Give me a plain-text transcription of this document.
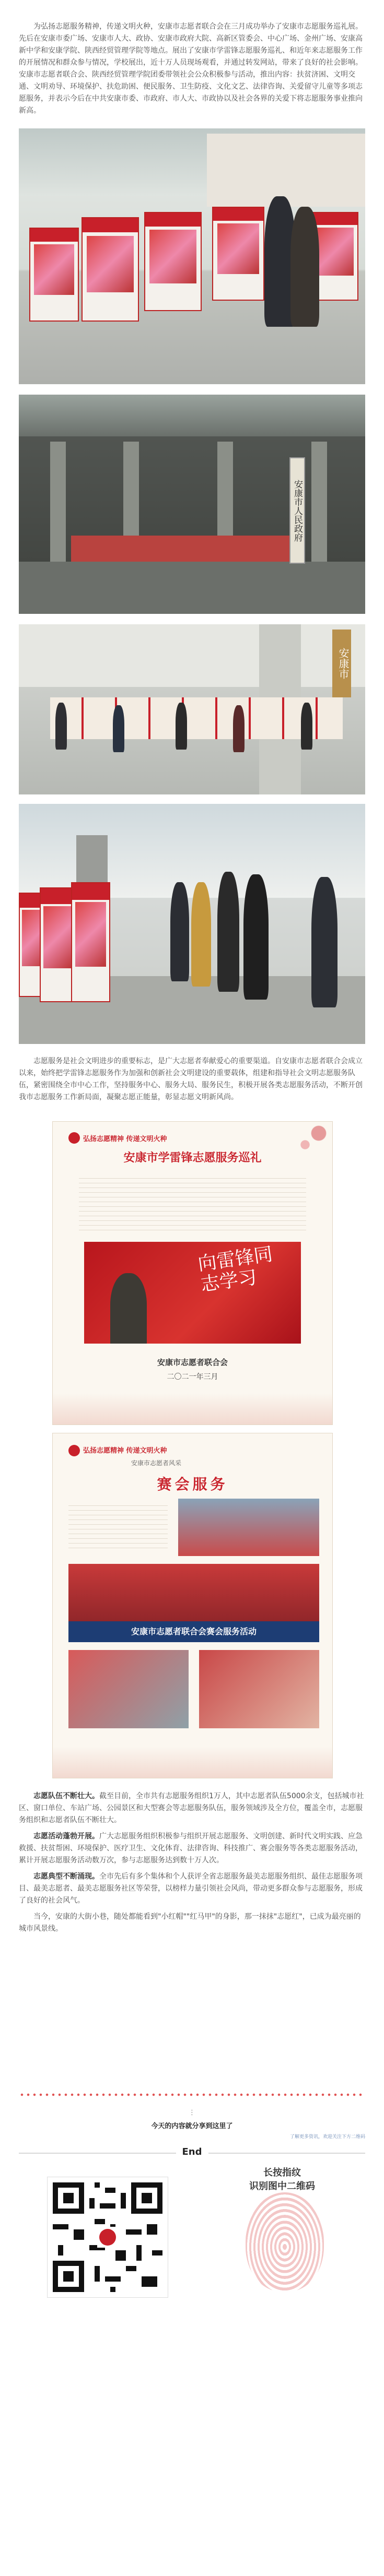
为弘扬志愿服务精神，传递文明火种，安康市志愿者联合会在三月成功举办了安康市志愿服务巡礼展。先后在安康市委广场、安康市人大、政协、安康市政府大院、高新区管委会、中心广场、金州广场、安康高新中学和安康学院、陕西经贸管理学院等地点。展出了安康市学雷锋志愿服务巡礼、和近年来志愿服务工作的开展情况和群众参与情况，学校展出，近十万人员现场观看，并通过转发网站，带来了良好的社会影响。安康市志愿者联合会、陕西经贸管理学院团委带领社会公众积极参与活动，推出内容：扶贫济困、文明交通、文明劝导、环境保护、扶危助困、便民服务、卫生防疫、文化文艺、法律咨询、关爱留守儿童等多项志愿服务，并表示今后在中共安康市委、市政府、市人大、市政协以及社会各界的关爱下将志愿服务事业推向新高。

安康市人民政府
安康市

志愿服务是社会文明进步的重要标志，是广大志愿者奉献爱心的重要渠道。自安康市志愿者联合会成立以来，始终把学雷锋志愿服务作为加强和创新社会文明建设的重要载体，组建和指导社会文明志愿服务队伍，紧密围绕全市中心工作，坚持服务中心、服务大局、服务民生，积极开展各类志愿服务活动，不断开创我市志愿服务工作新局面，凝聚志愿正能量，彰显志愿文明新风尚。

弘扬志愿精神 传递文明火种
安康市学雷锋志愿服务巡礼
向雷锋同志学习
安康市志愿者联合会
二〇二一年三月
弘扬志愿精神 传递文明火种
安康市志愿者风采
赛会服务
安康市志愿者联合会赛会服务活动

志愿队伍不断壮大。截至目前，全市共有志愿服务组织1万人，其中志愿者队伍5000余支，包括城市社区、窗口单位、车站广场、公园景区和大型赛会等志愿服务队伍，服务领域涉及全方位，覆盖全市，志愿服务组织和志愿者队伍不断壮大。

志愿活动蓬勃开展。广大志愿服务组织积极参与组织开展志愿服务、文明创建、新时代文明实践、应急救援、扶贫帮困、环境保护、医疗卫生、文化体育、法律咨询、科技推广、赛会服务等各类志愿服务活动，累计开展志愿服务活动数万次，参与志愿服务达到数十万人次。

志愿典型不断涌现。全市先后有多个集体和个人获评全省志愿服务最美志愿服务组织、最佳志愿服务项目、最美志愿者、最美志愿服务社区等荣誉，以榜样力量引领社会风尚，带动更多群众参与志愿服务，形成了良好的社会风气。

当今，安康的大街小巷，随处都能看到"小红帽""红马甲"的身影，那一抹抹"志愿红"，已成为最亮丽的城市风景线。

⋮
今天的内容就分享到这里了
了解更多资讯，欢迎关注下方二维码
End
长按指纹
识别图中二维码
